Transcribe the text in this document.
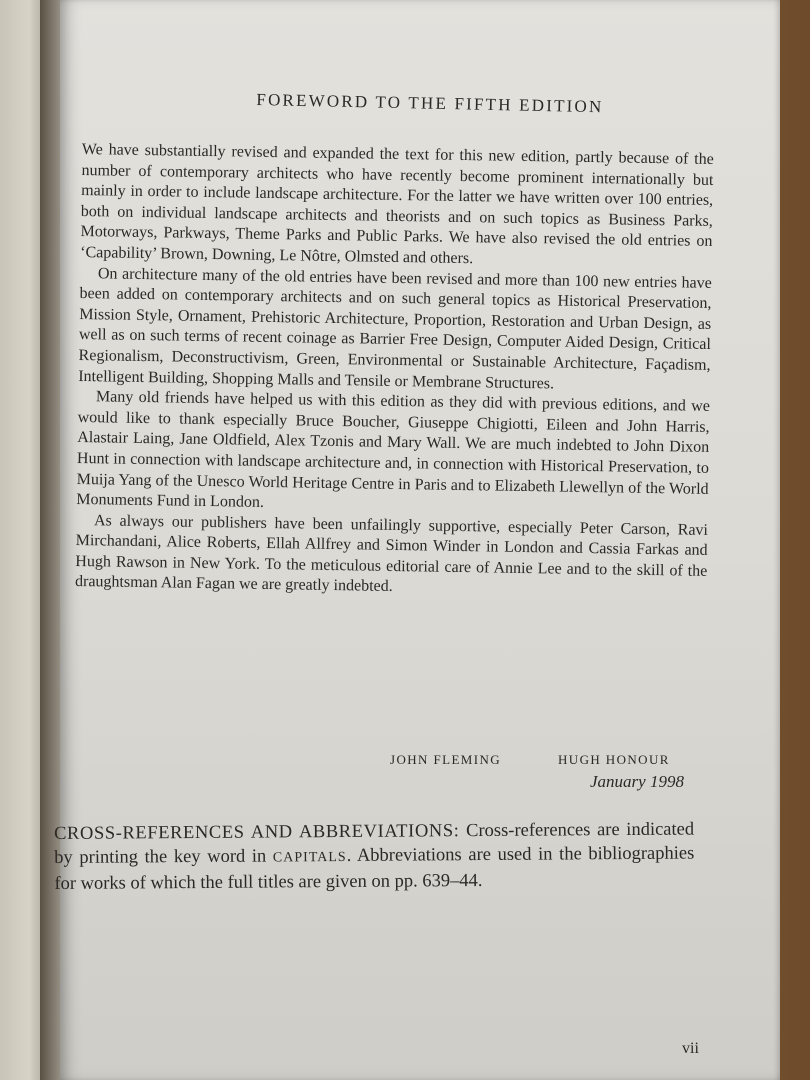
FOREWORD TO THE FIFTH EDITION

We have substantially revised and expanded the text for this new edition, partly because of the number of contemporary architects who have recently become prominent internationally but mainly in order to include landscape architecture. For the latter we have written over 100 entries, both on individual landscape architects and theorists and on such topics as Business Parks, Motorways, Parkways, Theme Parks and Public Parks. We have also revised the old entries on ‘Capability’ Brown, Downing, Le Nôtre, Olmsted and others.

On architecture many of the old entries have been revised and more than 100 new entries have been added on contemporary architects and on such general topics as Historical Preservation, Mission Style, Ornament, Prehistoric Architecture, Proportion, Restoration and Urban Design, as well as on such terms of recent coinage as Barrier Free Design, Computer Aided Design, Critical Regionalism, Deconstructivism, Green, Environmental or Sustainable Architecture, Façadism, Intelligent Building, Shopping Malls and Tensile or Membrane Structures.

Many old friends have helped us with this edition as they did with previous editions, and we would like to thank especially Bruce Boucher, Giuseppe Chigiotti, Eileen and John Harris, Alastair Laing, Jane Oldfield, Alex Tzonis and Mary Wall. We are much indebted to John Dixon Hunt in connection with landscape architecture and, in connection with Historical Preservation, to Muija Yang of the Unesco World Heritage Centre in Paris and to Elizabeth Llewellyn of the World Monuments Fund in London.

As always our publishers have been unfailingly supportive, especially Peter Carson, Ravi Mirchandani, Alice Roberts, Ellah Allfrey and Simon Winder in London and Cassia Farkas and Hugh Rawson in New York. To the meticulous editorial care of Annie Lee and to the skill of the draughtsman Alan Fagan we are greatly indebted.

JOHN FLEMING	HUGH HONOUR
January 1998
CROSS-REFERENCES AND ABBREVIATIONS: Cross-references are indicated by printing the key word in CAPITALS. Abbreviations are used in the bibliographies for works of which the full titles are given on pp. 639–44.
vii
